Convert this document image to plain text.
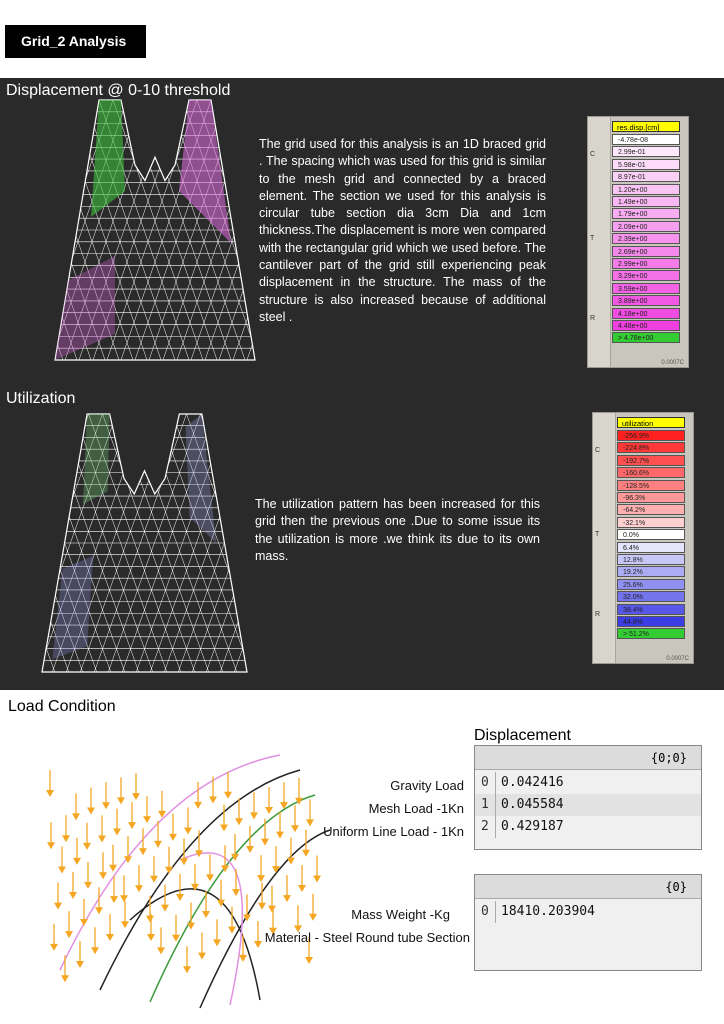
Grid_2 Analysis
Displacement @ 0-10 threshold
The grid used for this analysis is an 1D braced grid . The spacing which was used for this grid is similar to the mesh grid and connected by a braced element. The section we used for this analysis is circular tube section dia 3cm Dia and 1cm thickness.The displacement is more wen compared with the rectangular grid which we used before. The cantilever part of the grid still experiencing peak displacement in the structure. The mass of the structure is also increased because of additional steel .
C
T
R
res.disp.[cm]
-4.78e-08
2.99e-01
5.98e-01
8.97e-01
1.20e+00
1.49e+00
1.79e+00
2.09e+00
2.39e+00
2.69e+00
2.99e+00
3.29e+00
3.59e+00
3.89e+00
4.18e+00
4.48e+00
> 4.78e+00
0.0007C
Utilization
The utilization pattern has been increased for this grid then the previous one .Due to some issue its the utilization is more .we think its due to its own mass.
C
T
R
utilization
-256.9%
-224.8%
-192.7%
-160.6%
-128.5%
-96.3%
-64.2%
-32.1%
0.0%
6.4%
12.8%
19.2%
25.6%
32.0%
38.4%
44.8%
> 51.2%
0.0007C
Load Condition
Displacement
Gravity Load
Mesh Load -1Kn
Uniform Line Load - 1Kn
{0;0}
0 0.042416
1 0.045584
2 0.429187
Mass Weight -Kg
Material - Steel Round tube Section
{0}
0 18410.203904
